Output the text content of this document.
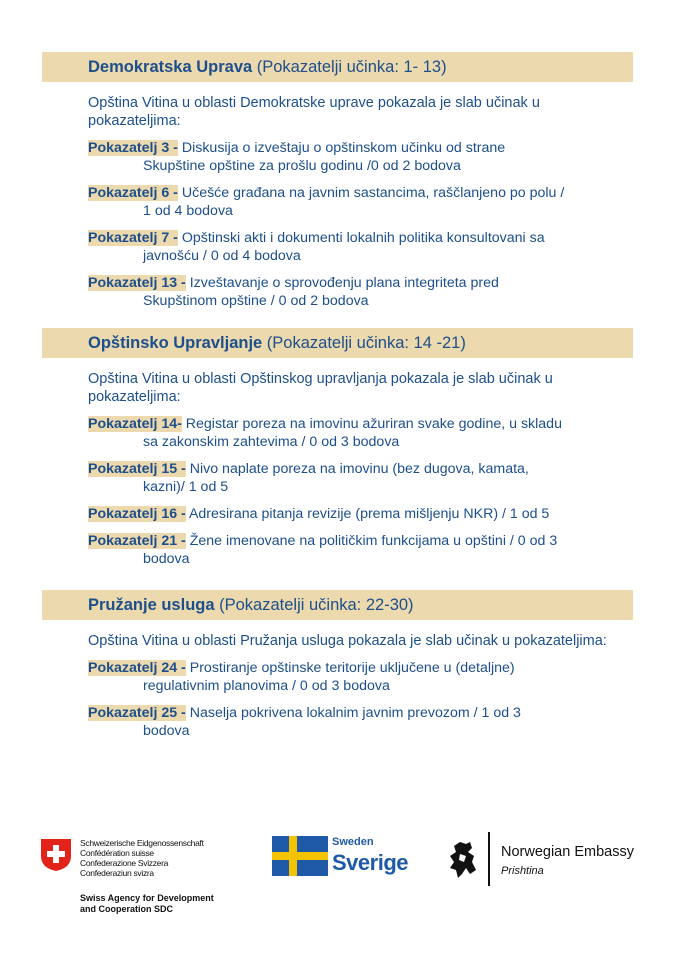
Demokratska Uprava (Pokazatelji učinka: 1- 13)
Opština Vitina u oblasti Demokratske uprave pokazala je slab učinak u pokazateljima:
Pokazatelj 3 - Diskusija o izveštaju o opštinskom učinku od strane
Skupštine opštine za prošlu godinu /0 od 2 bodova
Pokazatelj 6 - Učešće građana na javnim sastancima, raščlanjeno po polu /
1 od 4 bodova
Pokazatelj 7 - Opštinski akti i dokumenti lokalnih politika konsultovani sa
javnošću / 0 od 4 bodova
Pokazatelj 13 - Izveštavanje o sprovođenju plana integriteta pred
Skupštinom opštine / 0 od 2 bodova
Opštinsko Upravljanje (Pokazatelji učinka: 14 -21)
Opština Vitina u oblasti Opštinskog upravljanja pokazala je slab učinak u pokazateljima:
Pokazatelj 14- Registar poreza na imovinu ažuriran svake godine, u skladu
sa zakonskim zahtevima / 0 od 3 bodova
Pokazatelj 15 - Nivo naplate poreza na imovinu (bez dugova, kamata,
kazni)/ 1 od 5
Pokazatelj 16 - Adresirana pitanja revizije (prema mišljenju NKR) / 1 od 5
Pokazatelj 21 - Žene imenovane na političkim funkcijama u opštini / 0 od 3
bodova
Pružanje usluga (Pokazatelji učinka: 22-30)
Opština Vitina u oblasti Pružanja usluga pokazala je slab učinak u pokazateljima:
Pokazatelj 24 - Prostiranje opštinske teritorije uključene u (detaljne)
regulativnim planovima / 0 od 3 bodova
Pokazatelj 25 - Naselja pokrivena lokalnim javnim prevozom / 1 od 3
bodova
Schweizerische Eidgenossenschaft
Confédération suisse
Confederazione Svizzera
Confederaziun svizra
Swiss Agency for Development
and Cooperation SDC
Sweden
Sverige	Norwegian Embassy
Prishtina
